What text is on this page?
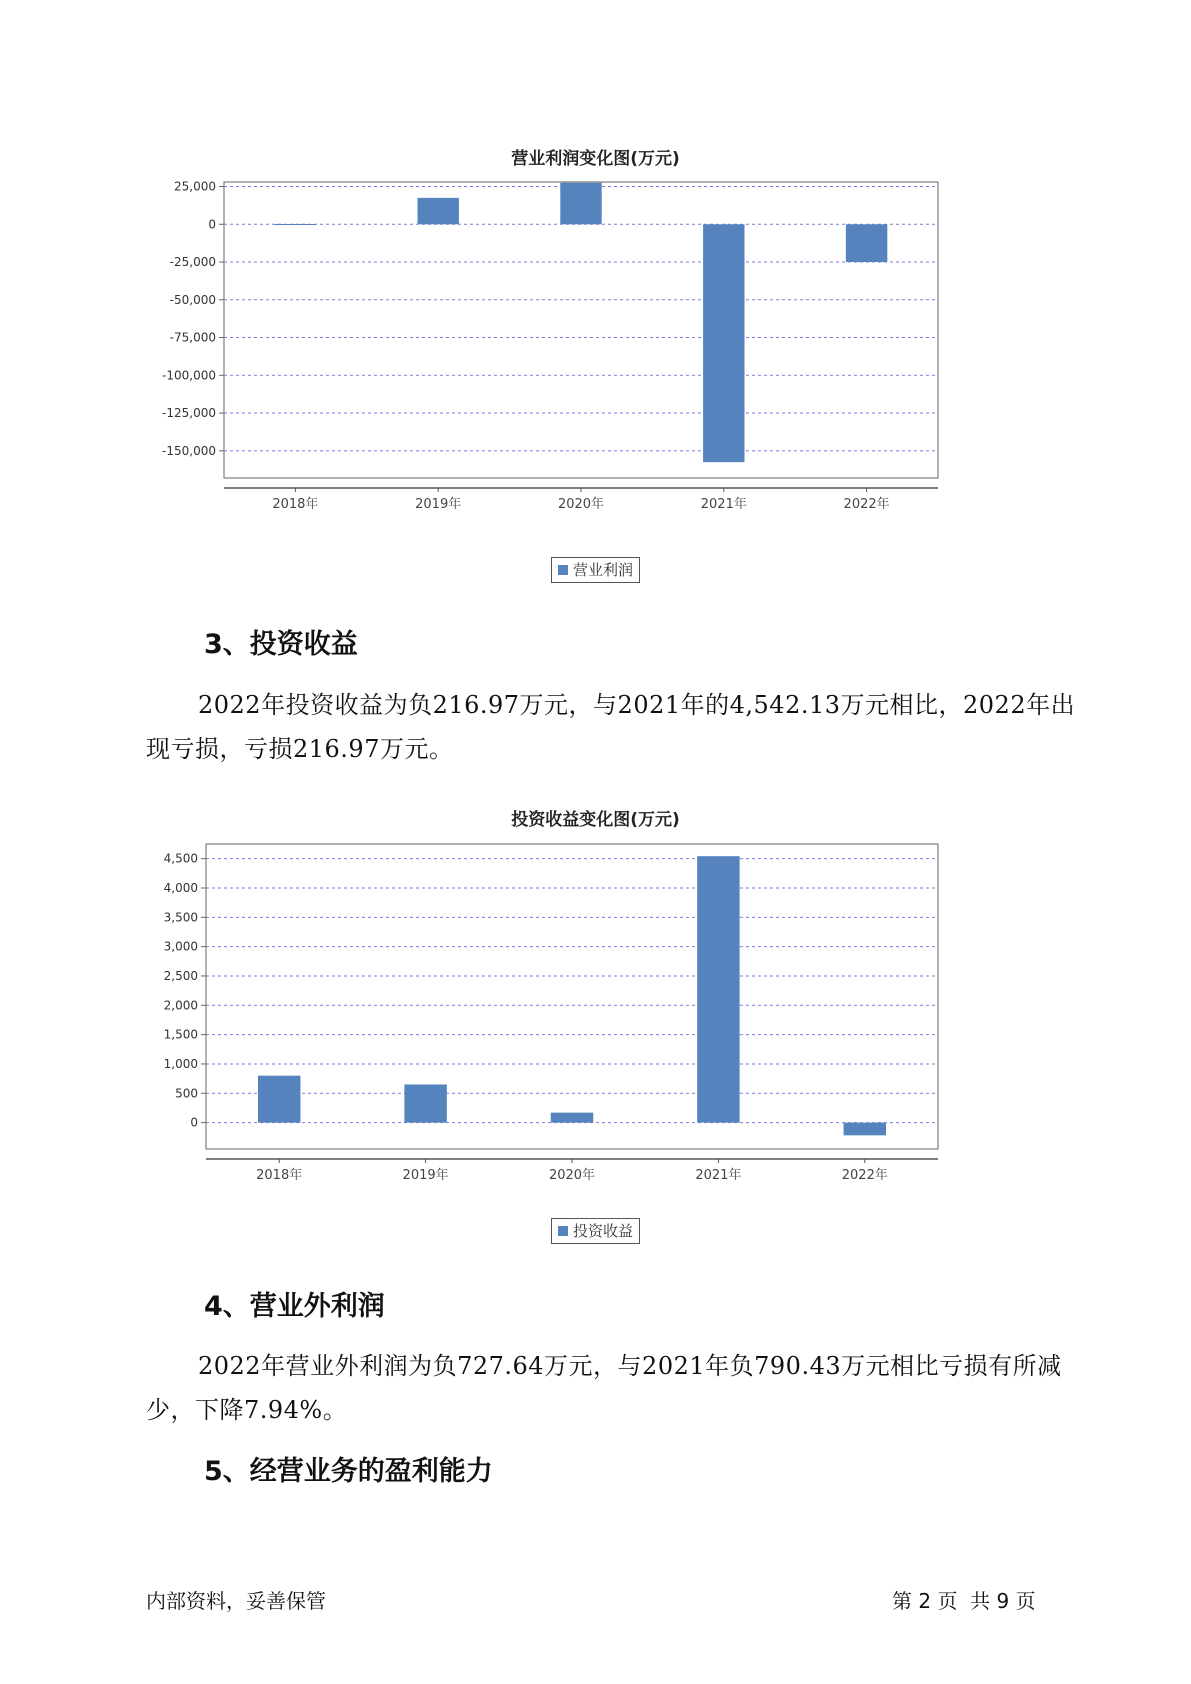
营业利润变化图(万元)
25,000
0
-25,000
-50,000
-75,000
-100,000
-125,000
-150,000
2018年	2019年	2020年	2021年	2022年
营业利润
3、投资收益
2022年投资收益为负216.97万元，与2021年的4,542.13万元相比，2022年出现亏损，亏损216.97万元。
投资收益变化图(万元)
4,500
4,000
3,500
3,000
2,500
2,000
1,500
1,000
500
0
2018年	2019年	2020年	2021年	2022年
投资收益
4、营业外利润
2022年营业外利润为负727.64万元，与2021年负790.43万元相比亏损有所减少，下降7.94%。
5、经营业务的盈利能力
内部资料，妥善保管	第 2 页  共 9 页
